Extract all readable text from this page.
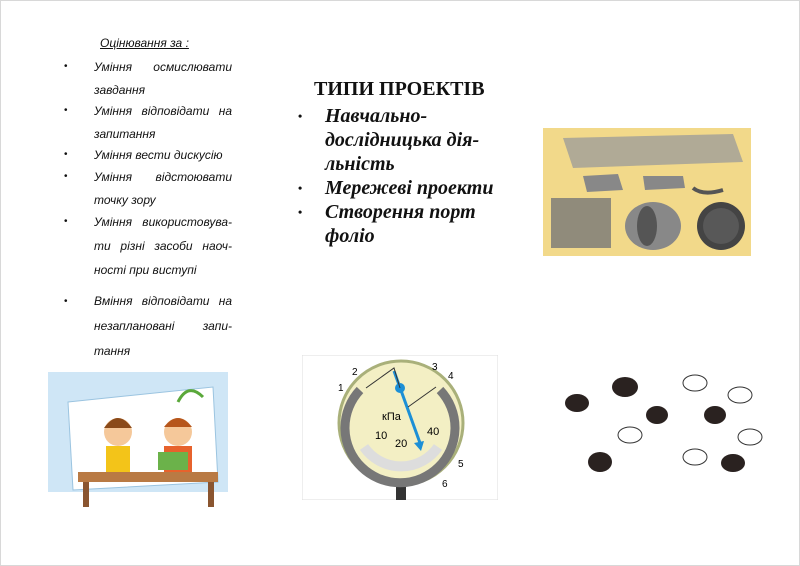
Оцінювання за :
• Уміння осмислювати завдання
• Уміння відповідати на запитання
• Уміння вести дискусію
• Уміння відстоювати точку зору
• Уміння використовува-ти різні засоби наоч-ності при виступі
• Вміння відповідати на незаплановані запи-тання
ТИПИ ПРОЕКТІВ
• Навчально-дослідницька дія-льність
• Мережеві проекти
• Створення порт фоліо
кПа
10
20
40
1
2	3
4
5
6
